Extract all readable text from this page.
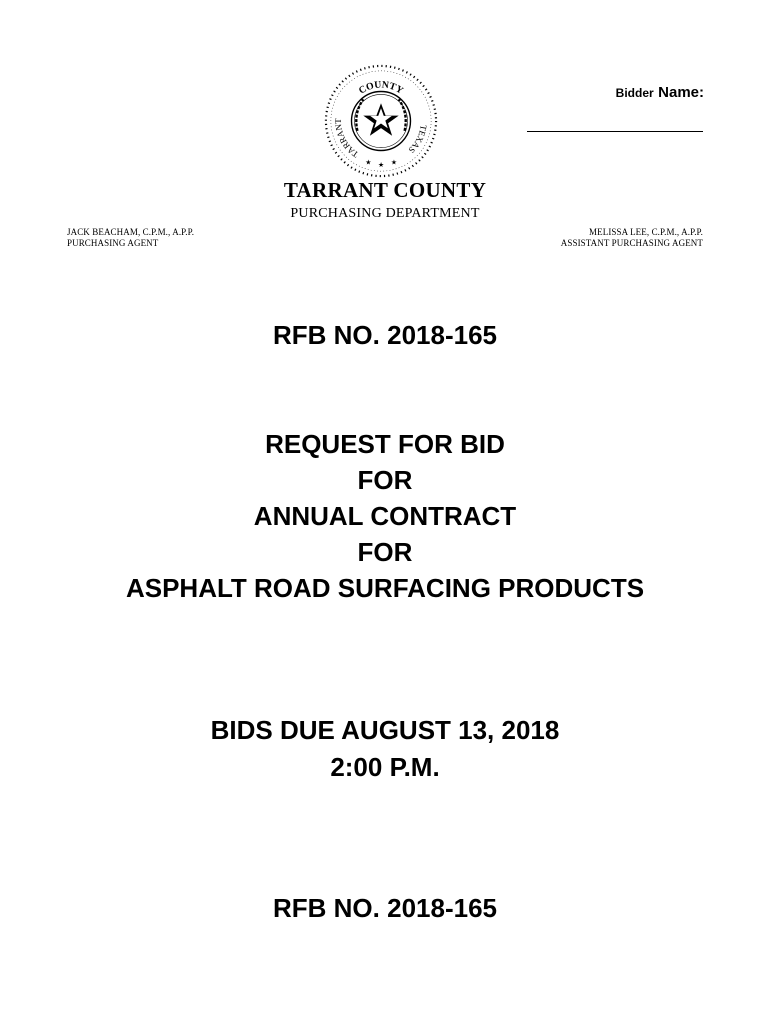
★ ★ ★
COUNTY
TARRANT
TEXAS
Bidder Name:
TARRANT COUNTY
PURCHASING DEPARTMENT
JACK BEACHAM, C.P.M., A.P.P.
PURCHASING AGENT
MELISSA LEE, C.P.M., A.P.P.
ASSISTANT PURCHASING AGENT
RFB NO. 2018-165
REQUEST FOR BID
FOR
ANNUAL CONTRACT
FOR
ASPHALT ROAD SURFACING PRODUCTS
BIDS DUE AUGUST 13, 2018
2:00 P.M.
RFB NO. 2018-165
